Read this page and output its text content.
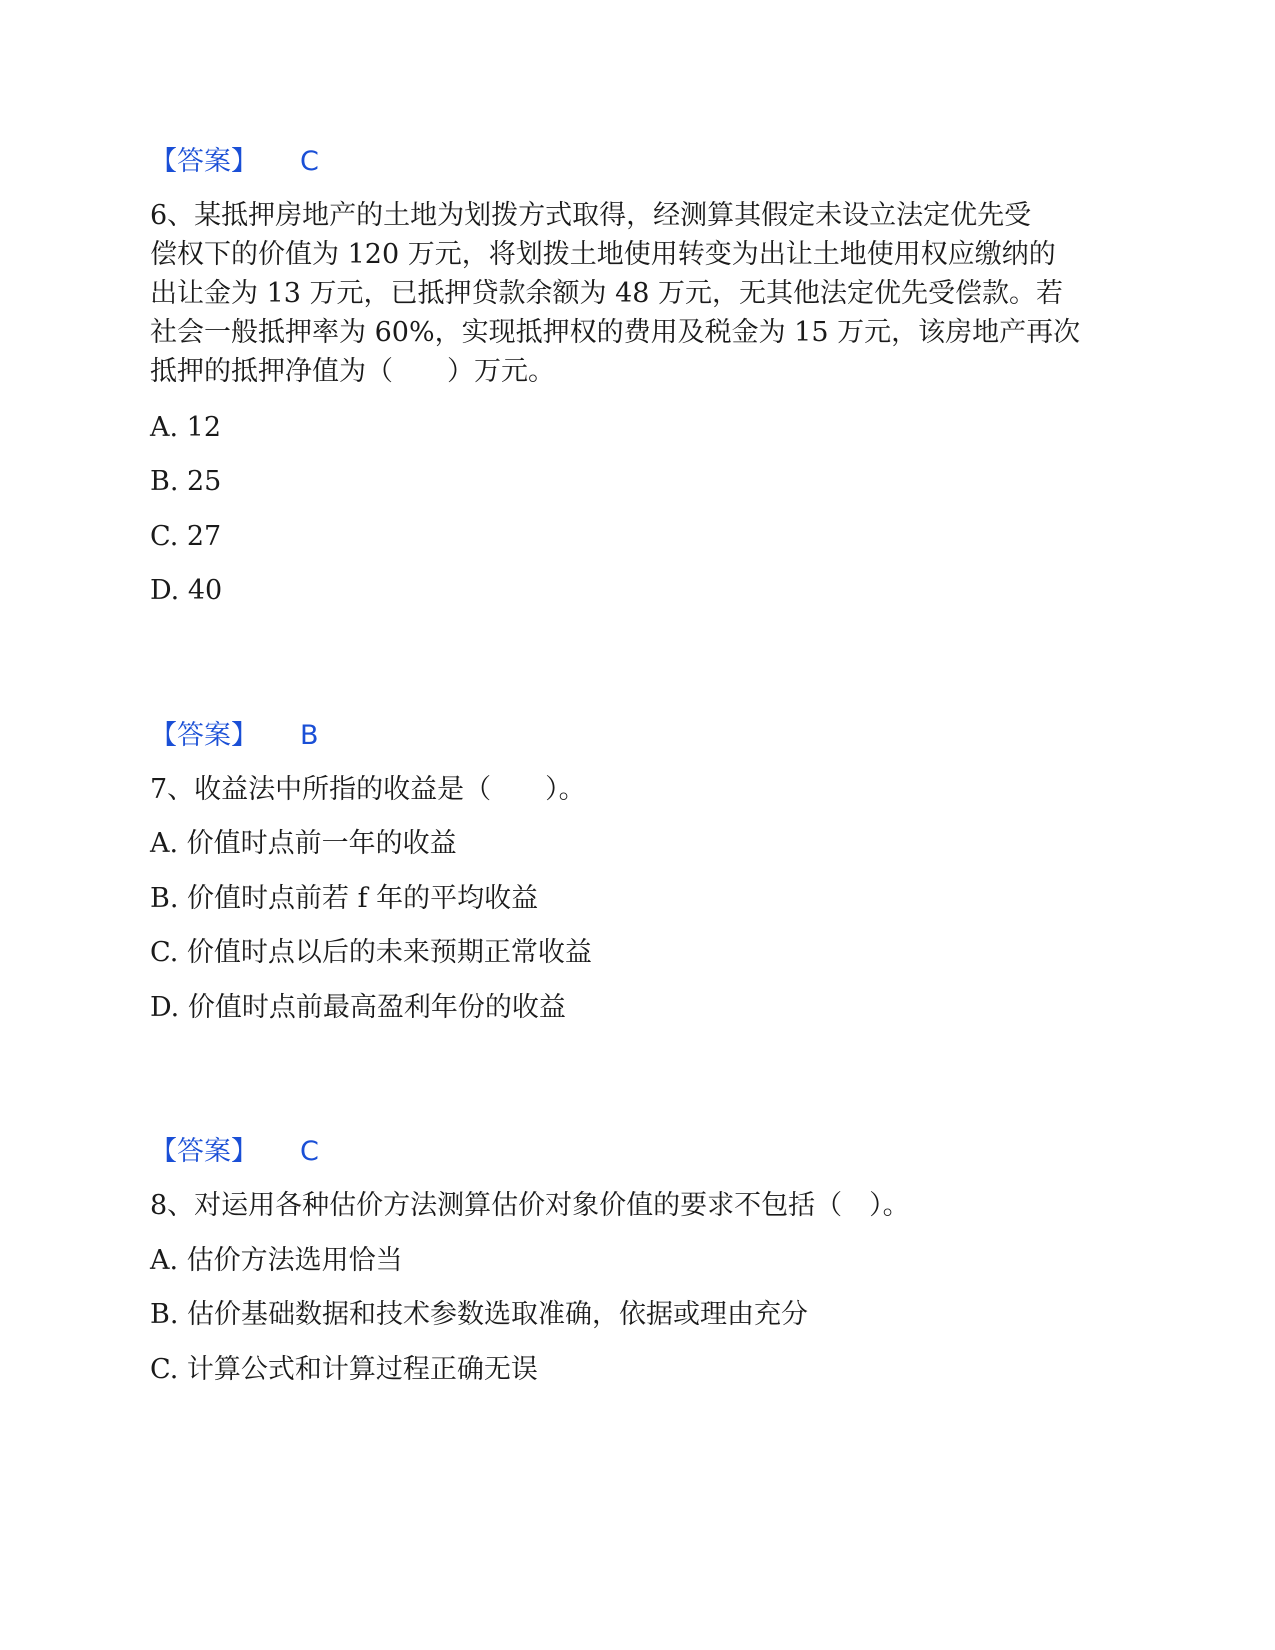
【答案】 C
6、某抵押房地产的土地为划拨方式取得，经测算其假定未设立法定优先受
偿权下的价值为 120 万元，将划拨土地使用转变为出让土地使用权应缴纳的
出让金为 13 万元，已抵押贷款余额为 48 万元，无其他法定优先受偿款。若
社会一般抵押率为 60%，实现抵押权的费用及税金为 15 万元，该房地产再次
抵押的抵押净值为（　　）万元。
A. 12
B. 25
C. 27
D. 40
【答案】 B
7、收益法中所指的收益是（　　）。
A. 价值时点前一年的收益
B. 价值时点前若 f 年的平均收益
C. 价值时点以后的未来预期正常收益
D. 价值时点前最高盈利年份的收益
【答案】 C
8、对运用各种估价方法测算估价对象价值的要求不包括（　）。
A. 估价方法选用恰当
B. 估价基础数据和技术参数选取准确，依据或理由充分
C. 计算公式和计算过程正确无误
